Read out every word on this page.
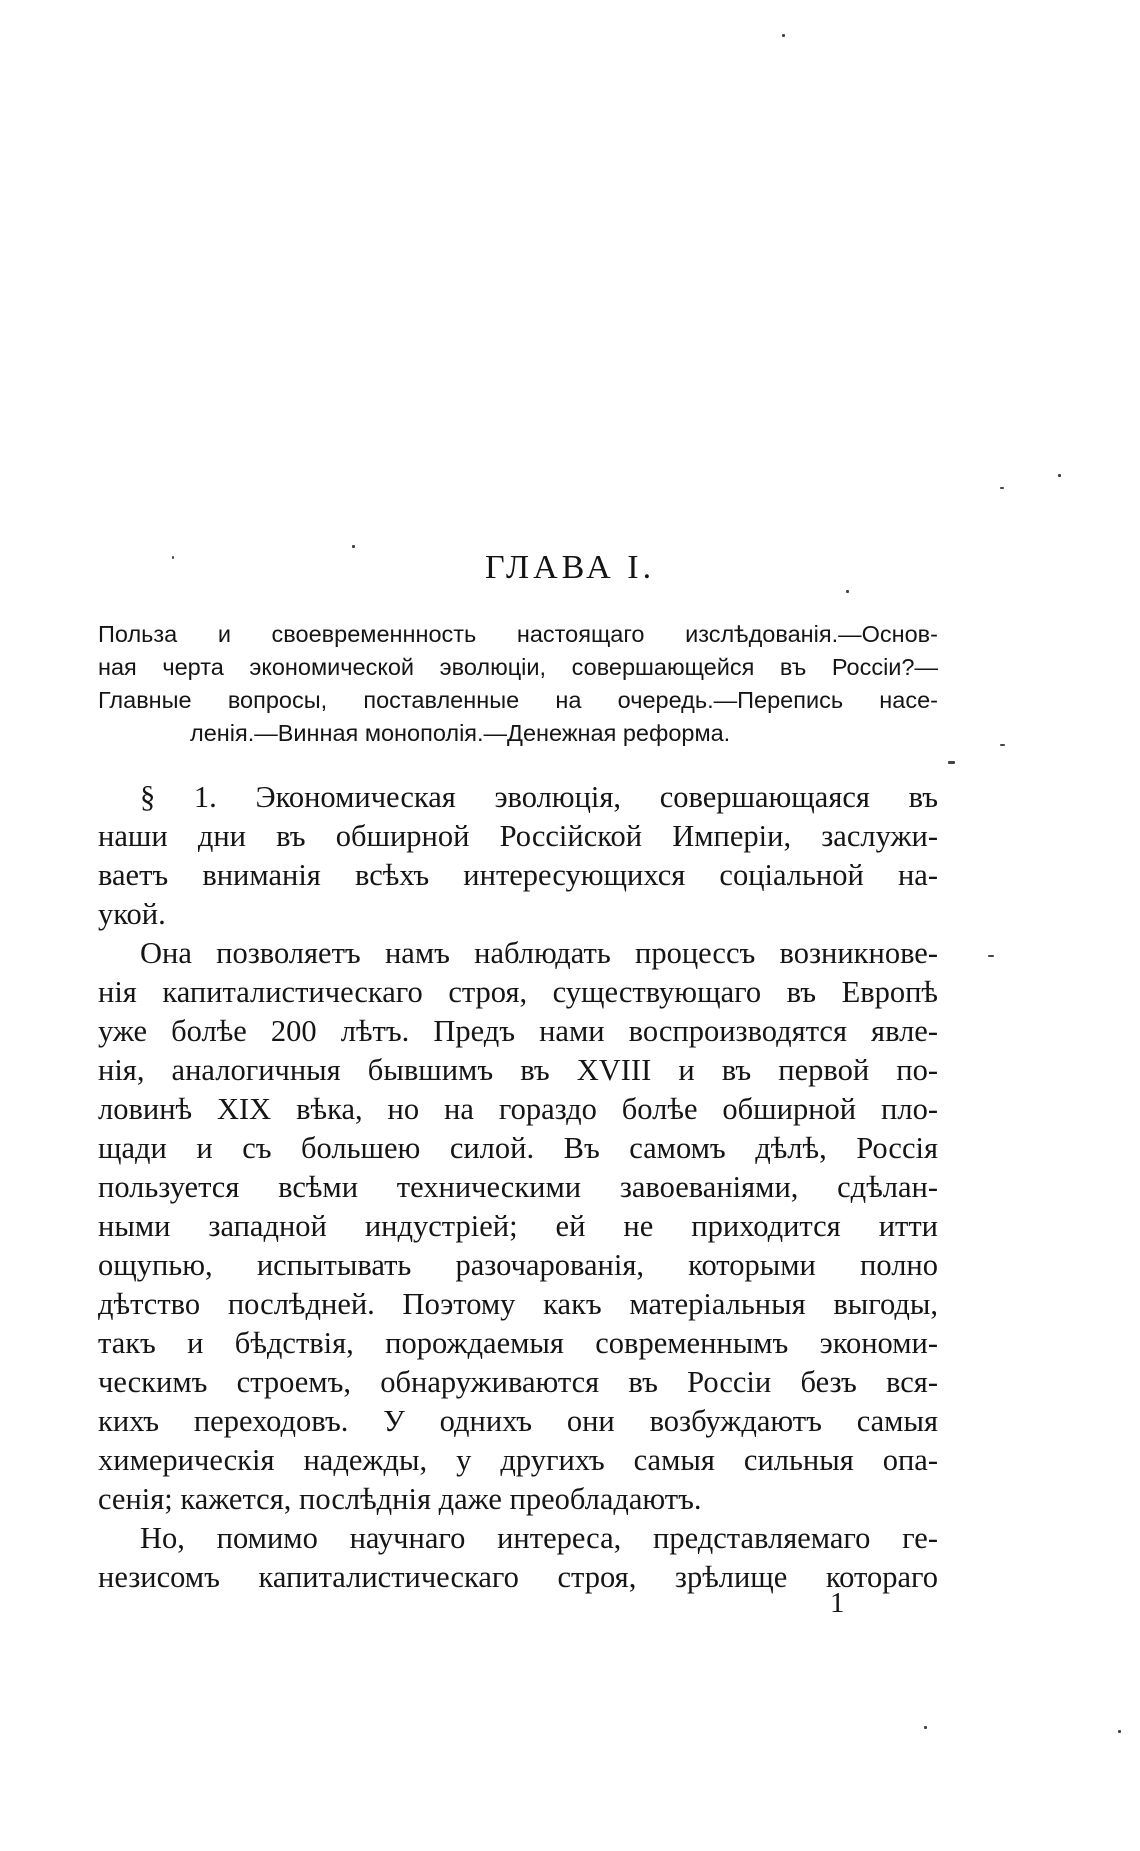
ГЛАВА I.
Польза и своевременнность настоящаго изслѣдованія.—Основ-
ная черта экономической эволюціи, совершающейся въ Россіи?—
Главные вопросы, поставленные на очередь.—Перепись насе-
ленія.—Винная монополія.—Денежная реформа.
§ 1. Экономическая эволюція, совершающаяся въ
наши дни въ обширной Россійской Имперіи, заслужи-
ваетъ вниманія всѣхъ интересующихся соціальной на-
укой.
Она позволяетъ намъ наблюдать процессъ возникнове-
нія капиталистическаго строя, существующаго въ Европѣ
уже болѣе 200 лѣтъ. Предъ нами воспроизводятся явле-
нія, аналогичныя бывшимъ въ XVIII и въ первой по-
ловинѣ XIX вѣка, но на гораздо болѣе обширной пло-
щади и съ большею силой. Въ самомъ дѣлѣ, Россія
пользуется всѣми техническими завоеваніями, сдѣлан-
ными западной индустріей; ей не приходится итти
ощупью, испытывать разочарованія, которыми полно
дѣтство послѣдней. Поэтому какъ матеріальныя выгоды,
такъ и бѣдствія, порождаемыя современнымъ экономи-
ческимъ строемъ, обнаруживаются въ Россіи безъ вся-
кихъ переходовъ. У однихъ они возбуждаютъ самыя
химерическія надежды, у другихъ самыя сильныя опа-
сенія; кажется, послѣднія даже преобладаютъ.
Но, помимо научнаго интереса, представляемаго ге-
незисомъ капиталистическаго строя, зрѣлище котораго
1
